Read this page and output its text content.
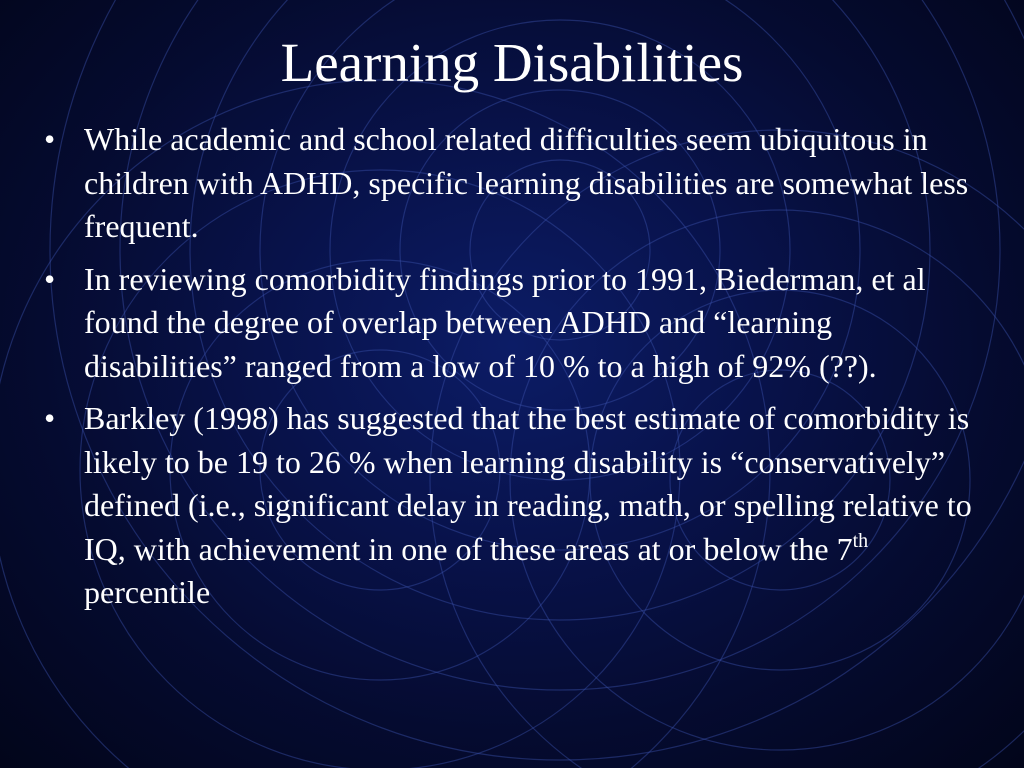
Learning Disabilities
• While academic and school related difficulties seem ubiquitous in children with ADHD, specific learning disabilities are somewhat less frequent.
• In reviewing comorbidity findings prior to 1991, Biederman, et al found the degree of overlap between ADHD and “learning disabilities” ranged from a low of 10 % to a high of 92% (??).
• Barkley (1998) has suggested that the best estimate of comorbidity is likely to be 19 to 26 % when learning disability is “conservatively” defined (i.e., significant delay in reading, math, or spelling relative to IQ, with achievement in one of these areas at or below the 7th percentile
